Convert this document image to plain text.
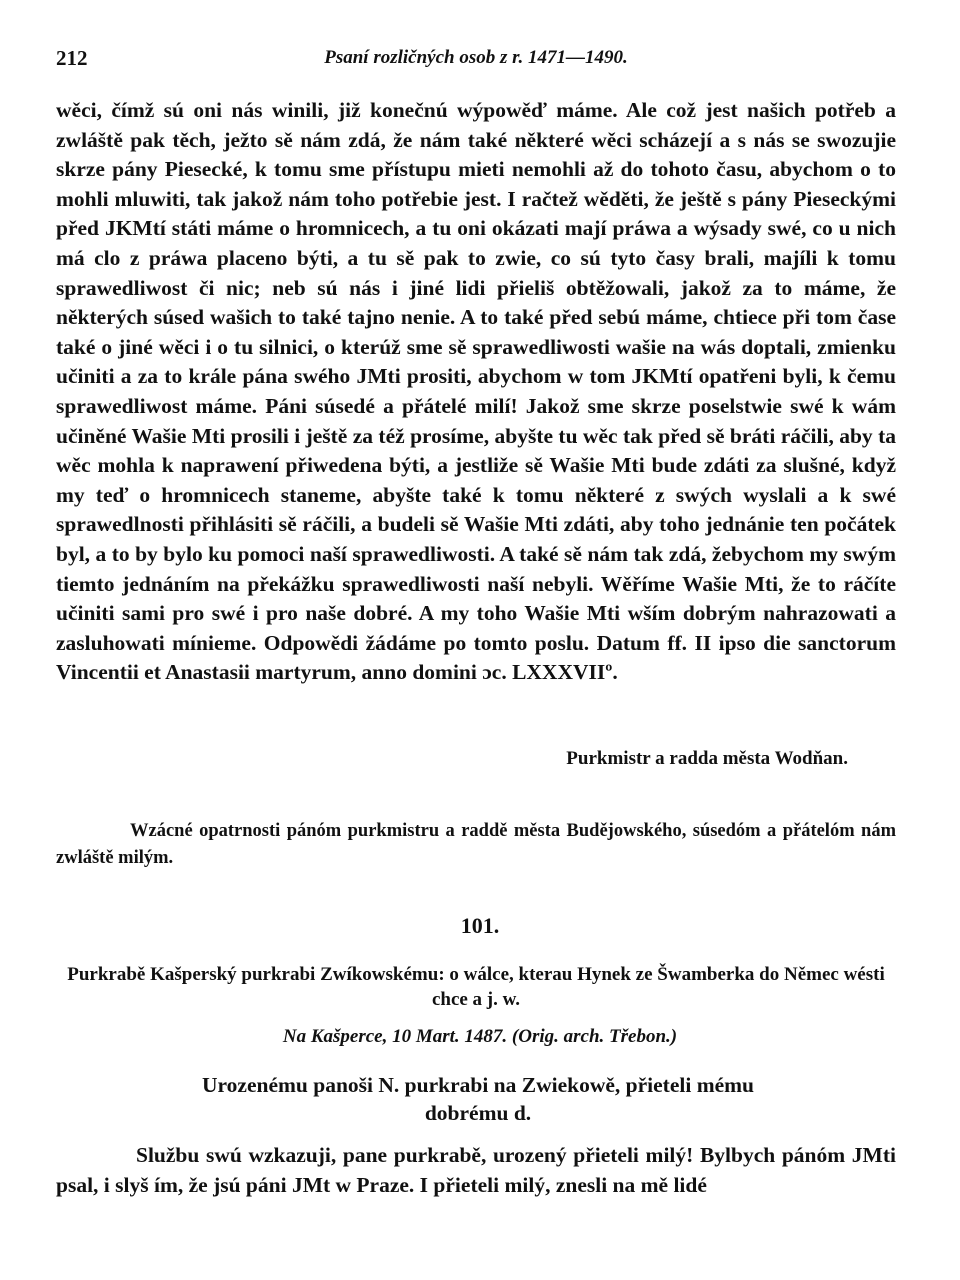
212	Psaní rozličných osob z r. 1471—1490.

wěci, čímž sú oni nás winili, již konečnú wýpowěď máme. Ale což jest našich potřeb a zwláště pak těch, ježto sě nám zdá, že nám také některé wěci scházejí a s nás se swozujie skrze pány Piesecké, k tomu sme přístupu mieti nemohli až do tohoto času, abychom o to mohli mluwiti, tak jakož nám toho potřebie jest. I račtež wěděti, že ještě s pány Pieseckými před JKMtí státi máme o hromnicech, a tu oni okázati mají práwa a wýsady swé, co u nich má clo z práwa placeno býti, a tu sě pak to zwie, co sú tyto časy brali, majíli k tomu sprawedliwost či nic; neb sú nás i jiné lidi přieliš obtěžowali, jakož za to máme, že některých súsed wašich to také tajno nenie. A to také před sebú máme, chtiece při tom čase také o jiné wěci i o tu silnici, o kterúž sme sě sprawedliwosti wašie na wás doptali, zmienku učiniti a za to krále pána swého JMti prositi, abychom w tom JKMtí opatřeni byli, k čemu sprawedliwost máme. Páni súsedé a přátelé milí! Jakož sme skrze poselstwie swé k wám učiněné Wašie Mti prosili i ještě za též prosíme, abyšte tu wěc tak před sě bráti ráčili, aby ta wěc mohla k naprawení přiwedena býti, a jestliže sě Wašie Mti bude zdáti za slušné, když my teď o hromnicech staneme, abyšte také k tomu některé z swých wyslali a k swé sprawedlnosti přihlásiti sě ráčili, a budeli sě Wašie Mti zdáti, aby toho jednánie ten počátek byl, a to by bylo ku pomoci naší sprawedliwosti. A také sě nám tak zdá, žebychom my swým tiemto jednáním na překážku sprawedliwosti naší nebyli. Wěříme Wašie Mti, že to ráčíte učiniti sami pro swé i pro naše dobré. A my toho Wašie Mti wším dobrým nahrazowati a zasluhowati mínieme. Odpowědi žádáme po tomto poslu. Datum ff. II ipso die sanctorum Vincentii et Anastasii martyrum, anno domini ɔc. LXXXVIIº.

Purkmistr a radda města Wodňan.
Wzácné opatrnosti pánóm purkmistru a raddě města Budějowského, súsedóm a přátelóm nám zwláště milým.
101.
Purkrabě Kašperský purkrabi Zwíkowskému: o wálce, kterau Hynek ze Šwamberka do Němec wésti chce a j. w.
Na Kašperce, 10 Mart. 1487. (Orig. arch. Třebon.)
Urozenému panoši N. purkrabi na Zwiekowě, přieteli mému dobrému d.
Službu swú wzkazuji, pane purkrabě, urozený přieteli milý! Bylbych pánóm JMti psal, i slyš ím, že jsú páni JMt w Praze. I přieteli milý, znesli na mě lidé
